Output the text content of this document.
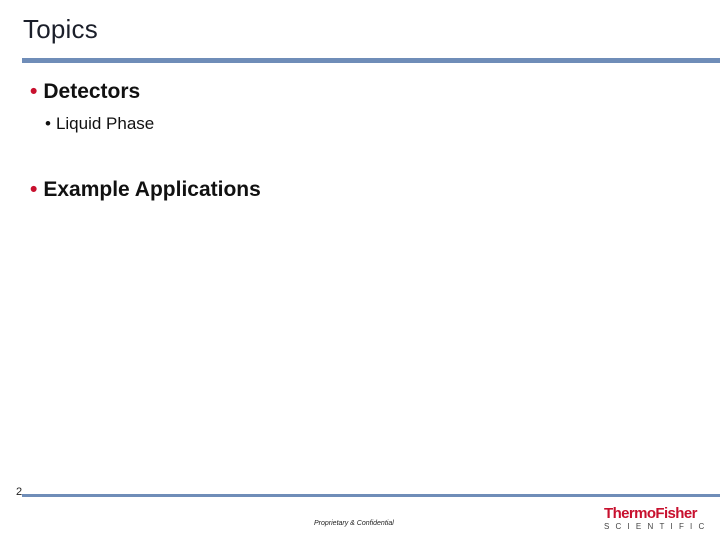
Topics
• Detectors
• Liquid Phase
• Example Applications
2
Proprietary & Confidential
ThermoFisher
SCIENTIFIC
